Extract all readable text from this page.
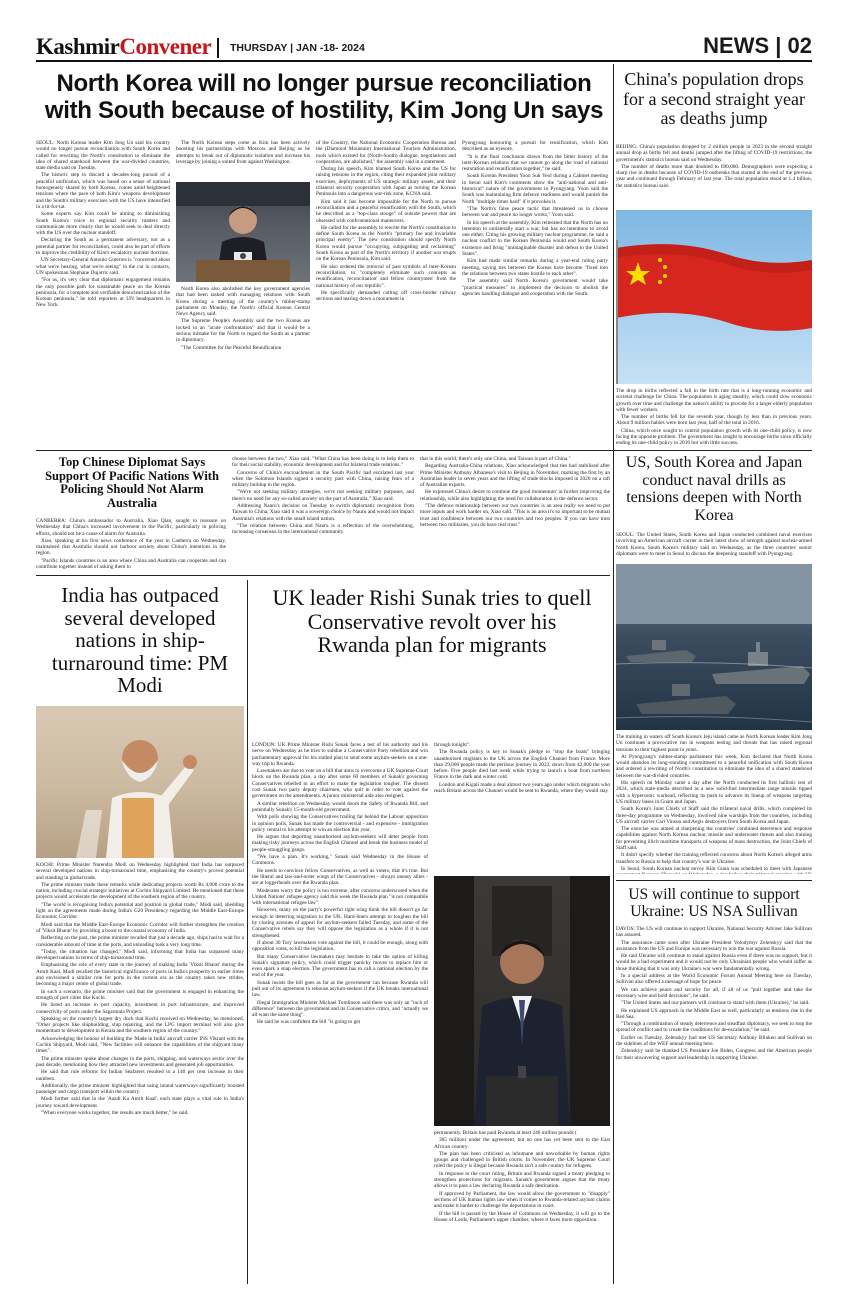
KashmirConvener THURSDAY | JAN -18- 2024	NEWS | 02
North Korea will no longer pursue reconciliation with South because of hostility, Kim Jong Un says

SEOUL: North Korean leader Kim Jong Un said his country would no longer pursue reconciliation with South Korea and called for rewriting the North's constitution to eliminate the idea of shared statehood between the war-divided countries, state media said on Tuesday.

The historic step to discard a decades-long pursuit of a peaceful unification, which was based on a sense of national homogeneity shared by both Koreas, comes amid heightened tensions where the pace of both Kim's weapons development and the South's military exercises with the US have intensified in a tit-for-tat.

Some experts say Kim could be aiming to diminishing South Korea's voice in regional security matters and communicate more clearly that he would seek to deal directly with the US over the nuclear standoff.

Declaring the South as a permanent adversary, not as a potential partner for reconciliation, could also be part of efforts to improve the credibility of Kim's escalatory nuclear doctrine.

UN Secretary-General Antonio Guterres is "concerned about what we're hearing, what we're seeing" in the cut in contacts, UN spokesman Stephane Dujarric said.

"For us, it's very clear that diplomatic engagement remains the only possible path for sustainable peace on the Korean peninsula, for a complete and verifiable denuclearization of the Korean peninsula," he told reporters at UN headquarters in New York.

The North Korean steps come as Kim has been actively boosting his partnerships with Moscow and Beijing as he attempts to break out of diplomatic isolation and increase his leverage by joining a united front against Washington.

North Korea also abolished the key government agencies that had been tasked with managing relations with South Korea during a meeting of the country's rubber-stamp parliament on Monday, the North's official Korean Central News Agency said.

The Supreme People's Assembly said the two Koreas are locked in an "acute confrontation" and that it would be a serious mistake for the North to regard the South as a partner in diplomacy.

"The Committee for the Peaceful Reunification

of the Country, the National Economic Cooperation Bureau and the (Diamond Mountain) International Tourism Administration, tools which existed for (North-South) dialogue, negotiations and cooperation, are abolished," the assembly said in a statement.

During his speech, Kim blamed South Korea and the US for raising tensions in the region, citing their expanded joint military exercises, deployments of US strategic military assets, and their trilateral security cooperation with Japan as turning the Korean Peninsula into a dangerous war-risk zone, KCNA said.

Kim said it has become impossible for the North to pursue reconciliation and a peaceful reunification with the South, which he described as a "top-class stooge" of outside powers that are obsessed with confrontational maneuvers.

He called for the assembly to rewrite the North's constitution to define South Korea as the North's "primary foe and invariable principal enemy". The new constitution should specify North Korea would pursue "occupying, subjugating and reclaiming" South Korea as part of the North's territory if another war erupts on the Korean Peninsula, Kim said.

He also ordered the removal of past symbols of inter-Korean reconciliation, to "completely eliminate such concepts as reunification, reconciliation' and fellow countrymen' from the national history of our republic".

He specifically demanded cutting off cross-border railway sections and tearing down a monument in

Pyongyang honouring a pursuit for reunification, which Kim described as an eyesore.

"It is the final conclusion drawn from the bitter history of the inter-Korean relations that we cannot go along the road of national restoration and reunification together," he said.

South Korean President Yoon Suk Yeol during a Cabinet meeting in Seoul said Kim's comments show the "anti-national and anti-historical" nature of the government in Pyongyang. Yoon said the South was maintaining firm defence readiness and would punish the North "multiple times hard" if it provokes it.

"The North's false peace tactic that threatened us to choose between war and peace no longer works," Yoon said.

In his speech at the assembly, Kim reiterated that the North has no intention to unilaterally start a war, but has no intentions to avoid one either. Citing his growing military nuclear programme, he said a nuclear conflict in the Korean Peninsula would end South Korea's existence and bring "unimaginable disaster and defeat to the United States".

Kim had made similar remarks during a year-end ruling party meeting, saying ties between the Koreas have become "fixed into the relations between two states hostile to each other".

The assembly said North Korea's government would take "practical measures" to implement the decision to abolish the agencies handling dialogue and cooperation with the South.

China's population drops for a second straight year as deaths jump

BEIJING: China's population dropped by 2 million people in 2023 in the second straight annual drop as births fell and deaths jumped after the lifting of COVID-19 restrictions, the government's statistics bureau said on Wednesday.

The number of deaths more than doubled to 690,000. Demographers were expecting a sharp rise in deaths because of COVID-19 outbreaks that started at the end of the previous year and continued through February of last year. The total population stood at 1.4 billion, the statistics bureau said.

The drop in births reflected a fall in the birth rate that is a long-running economic and societal challenge for China. The population is aging steadily, which could slow economic growth over time and challenge the nation's ability to provide for a larger elderly population with fewer workers.

The number of births fell for the seventh year, though by less than in previous years. About 9 million babies were born last year, half of the total in 2016.

China, which once sought to control population growth with its one-child policy, is now facing the opposite problem. The government has sought to encourage births since officially ending its one-child policy in 2016 but with little success.

Top Chinese Diplomat Says Support Of Pacific Nations With Policing Should Not Alarm Australia

CANBERRA: China's ambassador to Australia, Xiao Qian, sought to reassure on Wednesday that China's increased involvement in the Pacific, particularly in policing efforts, should not be a cause of alarm for Australia.

Xiao, speaking at his first news conference of the year in Canberra on Wednesday, maintained that Australia should not harbour anxiety about China's intentions in the region.

"Pacific Islands countries is an area where China and Australia can cooperate and can contribute together instead of asking them to

choose between the two," Xiao said. "What China has been doing is to help them to for their social stability, economic development and for bilateral trade relations."

Concerns of China's encroachment in the South Pacific had escalated last year when the Solomon Islands signed a security pact with China, raising fears of a military buildup in the region.

"We're not seeking military strategies, we're not seeking military purposes, and there's no need for any so-called anxiety on the part of Australia," Xiao said.

Addressing Nauru's decision on Tuesday to switch diplomatic recognition from Taiwan to China, Xiao said it was a sovereign choice by Nauru and would not impact Australia's relations with the small island nation.

"The relation between China and Nauru is a reflection of the overwhelming, increasing consensus in the international community

that in this world, there's only one China, and Taiwan is part of China."

Regarding Australia-China relations, Xiao acknowledged that ties had stabilised after Prime Minister Anthony Albanese's visit to Beijing in November, marking the first by an Australian leader in seven years and the lifting of trade blocks imposed in 2020 on a raft of Australian exports.

He expressed China's desire to continue the good momentum' in further improving the relationship, while also highlighting the need for collaboration in the defence sector.

"The defence relationship between our two countries is an area really we need to put more inputs and work harder on, Xiao said. "This is an area it's so important to be mutual trust and confidence between our two countries and two peoples. If you can have trust between two militaries, you do have real trust."

US, South Korea and Japan conduct naval drills as tensions deepen with North Korea

SEOUL: The United States, South Korea and Japan conducted combined naval exercises involving an American aircraft carrier in their latest show of strength against nuclear-armed North Korea, South Korea's military said on Wednesday, as the three countries' senior diplomats were to meet in Seoul to discuss the deepening standoff with Pyongyang.

The training in waters off South Korea's Jeju island came as North Korean leader Kim Jong Un continues a provocative run in weapons testing and threats that has raised regional tensions to their highest point in years.

At Pyongyang's rubber-stamp parliament this week, Kim declared that North Korea would abandon its long-standing commitment to a peaceful unification with South Korea and ordered a rewriting of North's constitution to eliminate the idea of a shared statehood between the war-divided countries.

His speech on Monday came a day after the North conducted its first ballistic test of 2024, which state-media described as a new solid-fuel intermediate range missile tipped with a hypersonic warhead, reflecting its push to advance its lineup of weapons targeting US military bases in Guam and Japan.

South Korea's Joint Chiefs of Staff said the trilateral naval drills, which completed its three-day programme on Wednesday, involved nine warships from the countries, including US aircraft carrier Carl Vinson and Aegis destroyers from South Korea and Japan.

The exercise was aimed at sharpening the countries' combined deterrence and response capabilities against North Korean nuclear, missile and underwater threats and also training for preventing illicit maritime transports of weapons of mass destruction, the Joint Chiefs of Staff said.

It didn't specify whether the training reflected concerns about North Korea's alleged arms transfers to Russia to help that country's war in Ukraine.

In Seoul, South Korean nuclear envoy Kim Gunn was scheduled to meet with Japanese

India has outpaced several developed nations in ship-turnaround time: PM Modi

KOCHI: Prime Minister Narendra Modi on Wednesday highlighted that India has outpaced several developed nations in ship-turnaround time, emphasising the country's proven potential and standing in global trade.

The prime minister made these remarks while dedicating projects worth Rs 4,000 crore to the nation, including crucial strategic initiatives at Cochin Shipyard Limited. He mentioned that these projects would accelerate the development of the southern region of the country.

"The world is recognising India's potential and position in global trade," Modi said, shedding light on the agreements made during India's G20 Presidency regarding the Middle East-Europe Economic Corridor.

Modi said that the Middle East-Europe Economic Corridor will further strengthen the creation of 'Viksit Bharat' by providing a boost to the coastal economy of India.

Reflecting on the past, the prime minister recalled that just a decade ago, ships had to wait for a considerable amount of time at the ports, and unloading took a very long time.

"Today, the situation has changed," Modi said, informing that India has surpassed many developed nations in terms of ship-turnaround time.

Emphasising the role of every state in the journey of making India 'Viksit Bharat' during the Amrit Kaal, Modi recalled the historical significance of ports in India's prosperity in earlier times and envisioned a similar role for ports in the current era as the country takes new strides, becoming a major centre of global trade.

In such a scenario, the prime minister said that the government is engaged in enhancing the strength of port cities like Kochi.

He listed an increase in port capacity, investment in port infrastructure, and improved connectivity of ports under the Sagarmala Project.

Speaking on the country's largest dry dock that Kochi received on Wednesday, he mentioned, "Other projects like shipbuilding, ship repairing, and the LPG import terminal will also give momentum to development in Kerala and the southern region of the country."

Acknowledging the honour of building the 'Made in India' aircraft carrier INS Vikrant with the Cochin Shipyard, Modi said, "New facilities will enhance the capabilities of the shipyard many times".

The prime minister spoke about changes in the ports, shipping, and waterways sector over the past decade, mentioning how they attracted new investments and generated job opportunities.

He said that rule reforms for Indian Seafarers resulted in a 140 per cent increase in their numbers.

Additionally, the prime minister highlighted that using inland waterways significantly boosted passenger and cargo transport within the country.

Modi further said that in the 'Aazdi Ka Amrit Kaal', each state plays a vital role in India's journey toward development.

"When everyone works together, the results are much better," he said.

UK leader Rishi Sunak tries to quell Conservative revolt over his Rwanda plan for migrants

LONDON: UK Prime Minister Rishi Sunak faces a test of his authority and his nerve on Wednesday as he tries to subdue a Conservative Party rebellion and win parliamentary approval for his stalled plan to send some asylum-seekers on a one-way trip to Rwanda.

Lawmakers are due to vote on a bill that aims to overcome a UK Supreme Court block on the Rwanda plan, a day after some 60 members of Sunak's governing Conservatives rebelled in an effort to make the legislation tougher. The dissent cost Sunak two party deputy chairmen, who quit in order to vote against the government on the amendments. A junior ministerial aide also resigned.

A similar rebellion on Wednesday would doom the Safety of Rwanda Bill, and potentially Sunak's 15-month-old government.

With polls showing the Conservatives trailing far behind the Labour opposition in opinion polls, Sunak has made the controversial - and expensive - immigration policy central to his attempt to win an election this year.

He argues that deporting unauthorised asylum-seekers will deter people from making risky journeys across the English Channel and break the business model of people-smuggling gangs.

"We have a plan. It's working," Sunak said Wednesday in the House of Commons.

He needs to convince fellow Conservatives, as well as voters, that it's true. But the liberal and law-and-order wings of the Conservatives - always uneasy allies - are at loggerheads over the Rwanda plan.

Moderates worry the policy is too extreme, after concerns underscored when the United Nations' refugee agency said this week the Rwanda plan "is not compatible with international refugee law".

However, many on the party's powerful right wing think the bill doesn't go far enough in deterring migration to the UK. Hard-liners attempt to toughen the bill by closing avenues of appeal for asylum-seekers failed Tuesday, and some of the Conservative rebels say they will oppose the legislation as a whole if it is not strengthened.

If about 30 Tory lawmakers vote against the bill, it could be enough, along with opposition votes, to kill the legislation.

But many Conservative lawmakers may hesitate to take the option of killing Sunak's signature policy, which could trigger panicky moves to replace him or even spark a snap election. The government has to call a national election by the end of the year.

Sunak insists the bill goes as far as the government can because Rwanda will pull out of its agreement to rehouse asylum-seekers if the UK breaks international law.

Illegal Immigration Minister Michael Tomlinson said there was only an "inch of difference" between the government and its Conservative critics, and "actually we all want the same thing".

He said he was confident the bill "is going to get

through tonight".

The Rwanda policy is key to Sunak's pledge to "stop the boats" bringing unauthorised migrants to the UK across the English Channel from France. More than 29,000 people made the perilous journey in 2023, down from 42,000 the year before. Five people died last week while trying to launch a boat from northern France in the dark and winter cold.

London and Kigali made a deal almost two years ago under which migrants who reach Britain across the Channel would be sent to Rwanda, where they would stay

permanently. Britain has paid Rwanda at least 240 million pounds (

305 million) under the agreement, but no one has yet been sent to the East African country.

The plan has been criticised as inhumane and unworkable by human rights groups and challenged in British courts. In November, the UK Supreme Court ruled the policy is illegal because Rwanda isn't a safe country for refugees.

In response to the court ruling, Britain and Rwanda signed a treaty pledging to strengthen protections for migrants. Sunak's government argues that the treaty allows it to pass a law declaring Rwanda a safe destination.

If approved by Parliament, the law would allow the government to "disapply" sections of UK human rights law when it comes to Rwanda-related asylum claims and make it harder to challenge the deportations in court.

If the bill is passed by the House of Commons on Wednesday, it will go to the House of Lords, Parliament's upper chamber, where it faces more opposition.

US will continue to support Ukraine: US NSA Sullivan

DAVOS: The US will continue to support Ukraine, National Security Adviser Jake Sullivan has assured.

The assurance came soon after Ukraine President Volodymyr Zelenskyy said that the assistance from the US and Europe was necessary to win the war against Russia.

He said Ukraine will continue to stand against Russia even if there was no support, but it would be a bad experiment and it would not be only Ukrainian people who would suffer as those thinking that it was only Ukraine's war were fundamentally wrong.

In a special address at the World Economic Forum Annual Meeting here on Tuesday, Sullivan also offered a message of hope for peace.

We can achieve peace and security for all, if all of us "pull together and take the necessary wise and bold decisions", he said.

"The United States and our partners will continue to stand with them (Ukraine)," he said.

He explained US approach in the Middle East as well, particularly as tensions rise in the Red Sea.

"Through a combination of steady deterrence and steadfast diplomacy, we seek to stop the spread of conflict and to create the conditions for de-escalation," he said.

Earlier on Tuesday, Zelenskyy had met US Secretary Anthony Blinken and Sullivan on the sidelines of the WEF annual meeting here.

Zelenskyy said he thanked US President Joe Biden, Congress and the American people for their unwavering support and leadership in supporting Ukraine.
